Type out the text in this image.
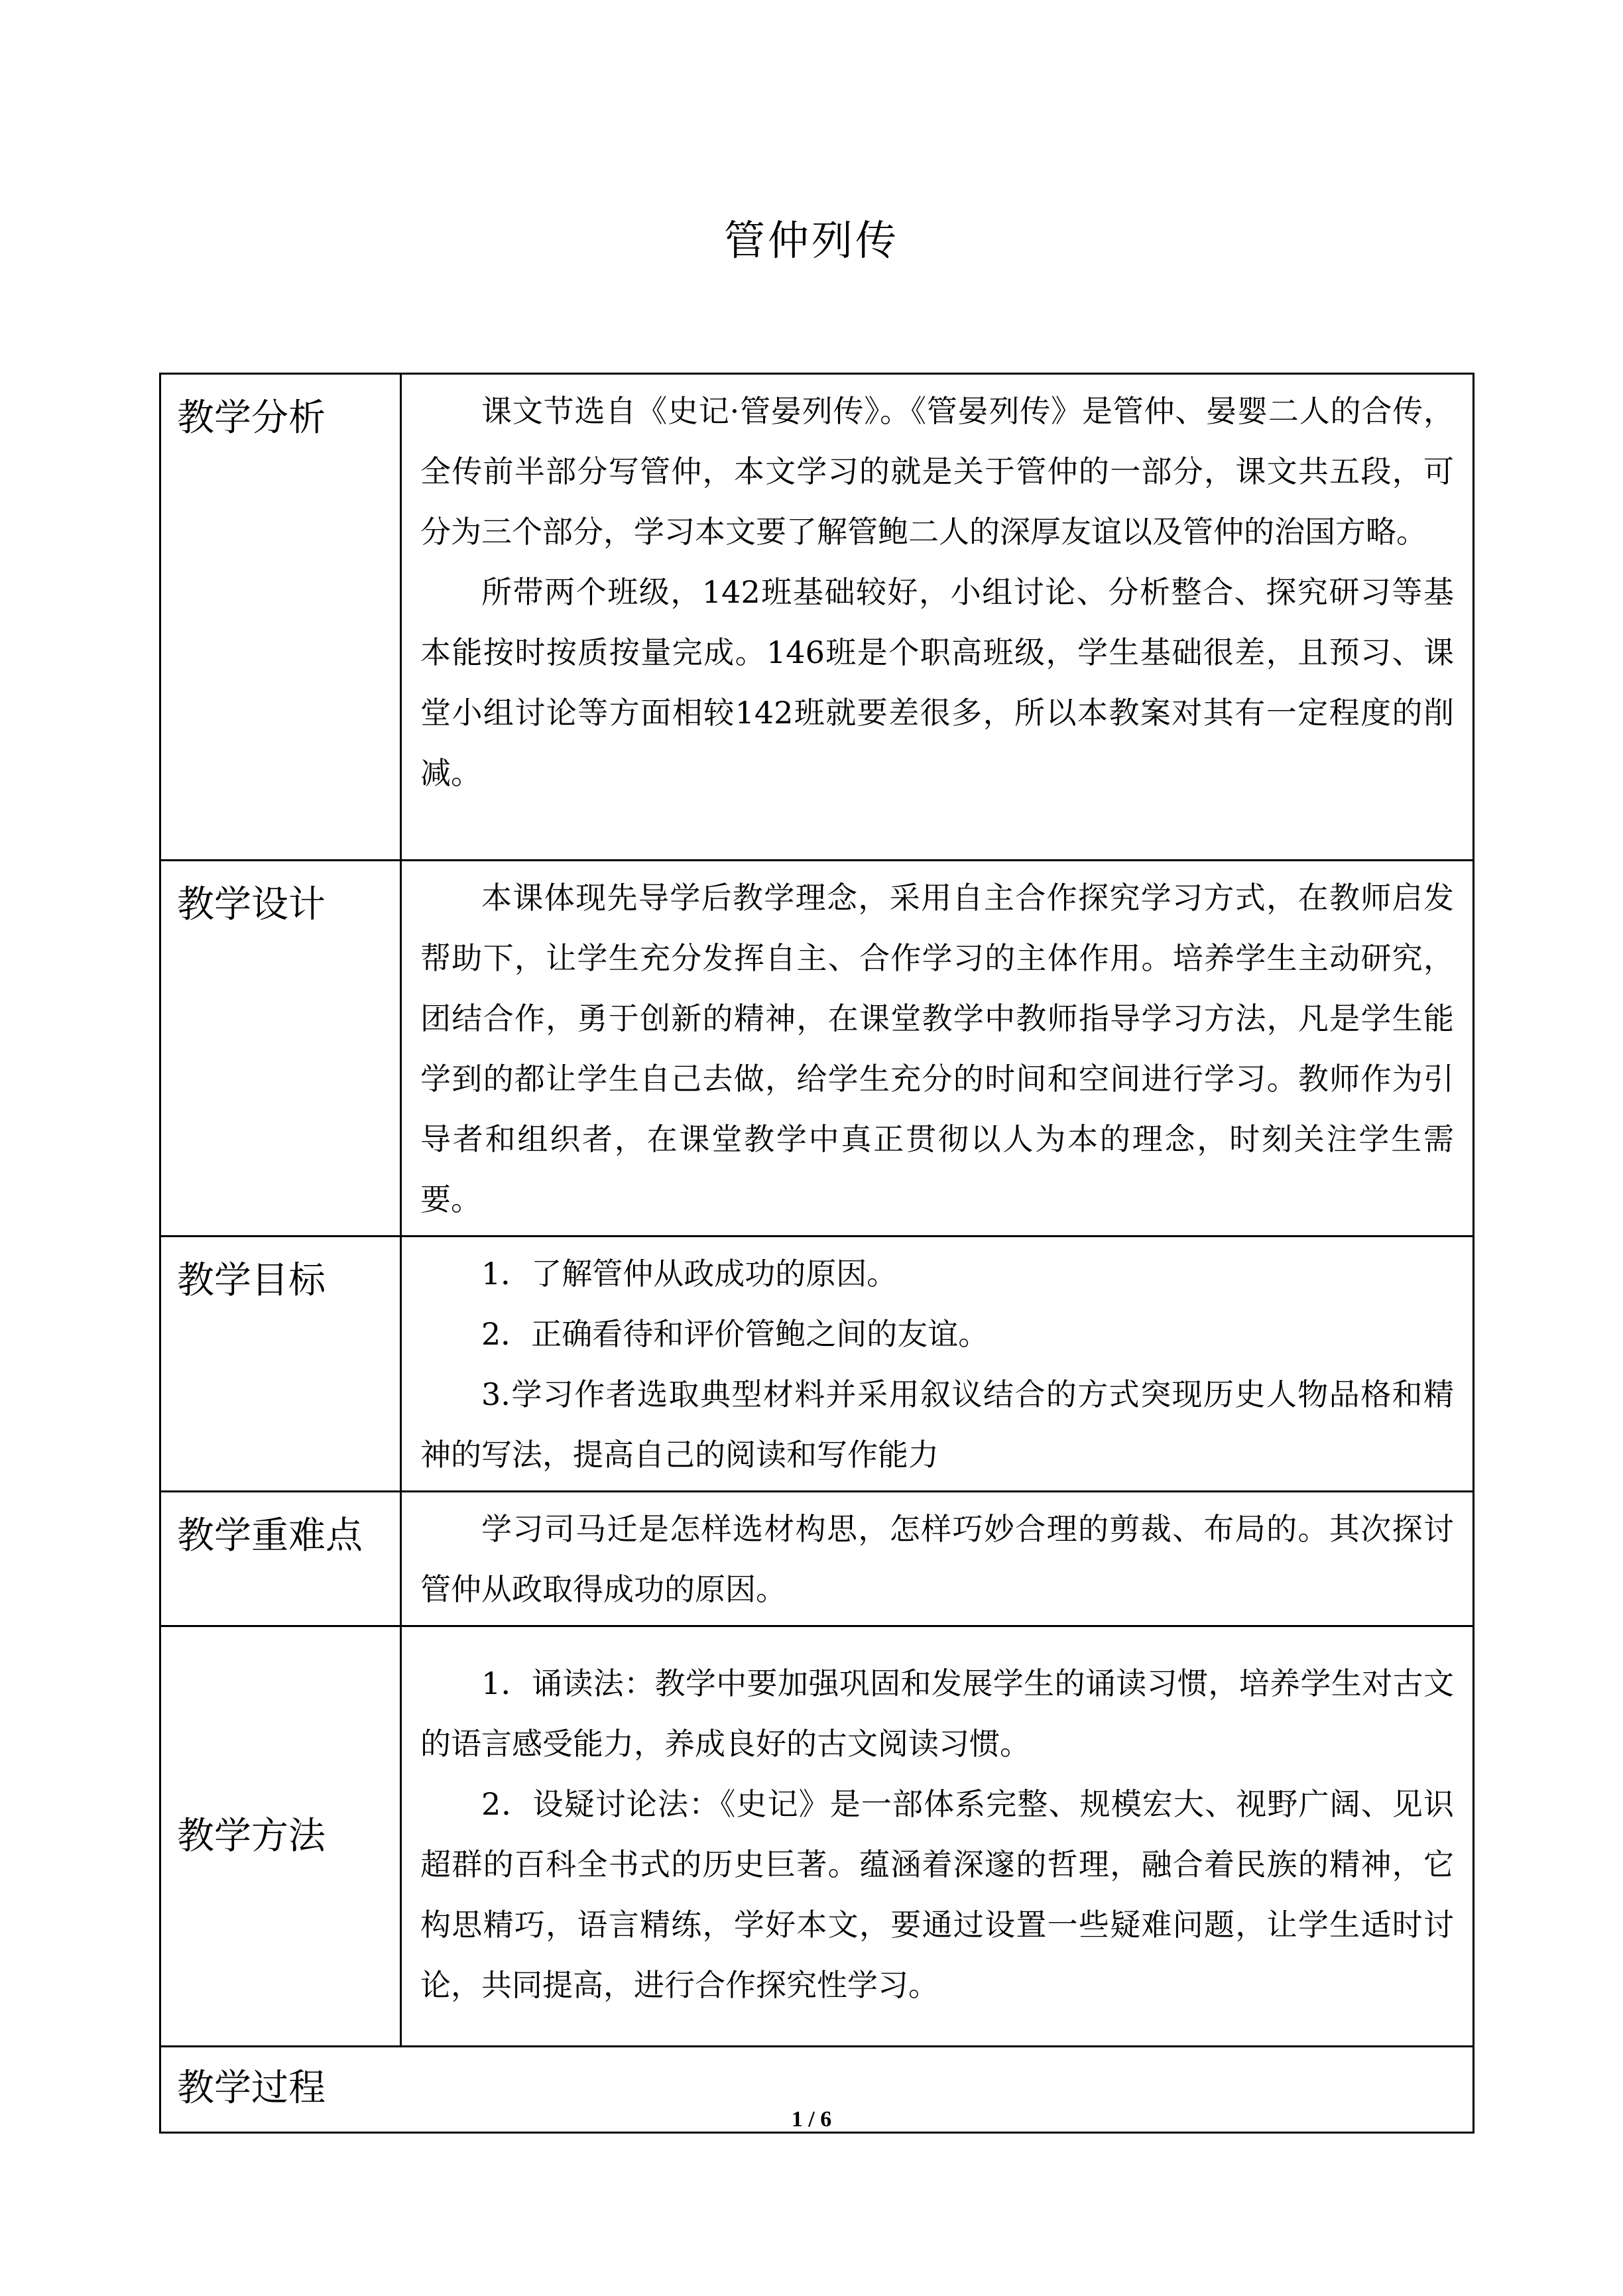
管仲列传
教学分析	课文节选自《史记·管晏列传》。《管晏列传》是管仲、晏婴二人的合传，全传前半部分写管仲，本文学习的就是关于管仲的一部分，课文共五段，可分为三个部分，学习本文要了解管鲍二人的深厚友谊以及管仲的治国方略。

所带两个班级，142班基础较好，小组讨论、分析整合、探究研习等基本能按时按质按量完成。146班是个职高班级，学生基础很差，且预习、课堂小组讨论等方面相较142班就要差很多，所以本教案对其有一定程度的削减。

教学设计	本课体现先导学后教学理念，采用自主合作探究学习方式，在教师启发帮助下，让学生充分发挥自主、合作学习的主体作用。培养学生主动研究，团结合作，勇于创新的精神，在课堂教学中教师指导学习方法，凡是学生能学到的都让学生自己去做，给学生充分的时间和空间进行学习。教师作为引导者和组织者，在课堂教学中真正贯彻以人为本的理念，时刻关注学生需要。

教学目标	1．了解管仲从政成功的原因。

2．正确看待和评价管鲍之间的友谊。

3.学习作者选取典型材料并采用叙议结合的方式突现历史人物品格和精神的写法，提高自己的阅读和写作能力

教学重难点	学习司马迁是怎样选材构思，怎样巧妙合理的剪裁、布局的。其次探讨管仲从政取得成功的原因。

教学方法	1．诵读法：教学中要加强巩固和发展学生的诵读习惯，培养学生对古文的语言感受能力，养成良好的古文阅读习惯。

2．设疑讨论法：《史记》是一部体系完整、规模宏大、视野广阔、见识超群的百科全书式的历史巨著。蕴涵着深邃的哲理，融合着民族的精神，它构思精巧，语言精练，学好本文，要通过设置一些疑难问题，让学生适时讨论，共同提高，进行合作探究性学习。

教学过程	
1 / 6
